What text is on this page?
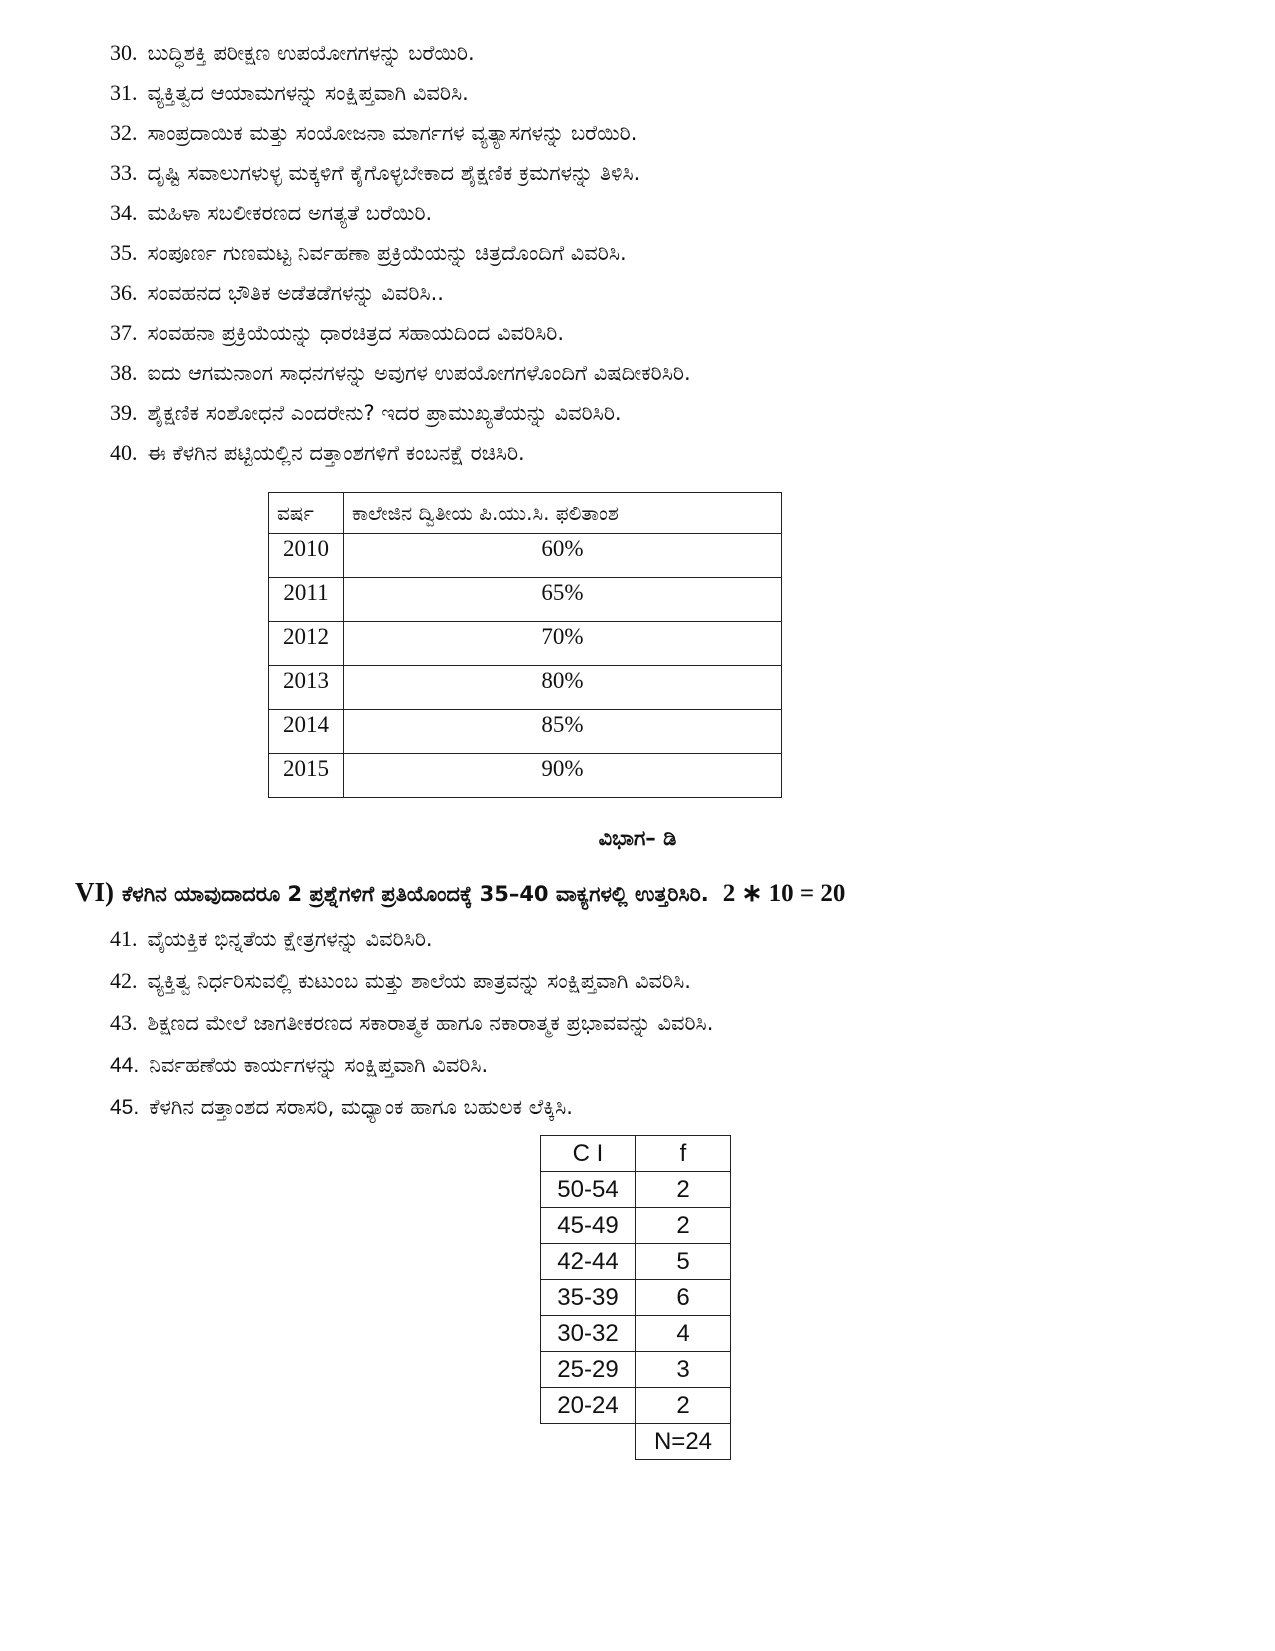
30. ಬುದ್ಧಿಶಕ್ತಿ ಪರೀಕ್ಷಣ ಉಪಯೋಗಗಳನ್ನು ಬರೆಯಿರಿ.
31. ವ್ಯಕ್ತಿತ್ವದ ಆಯಾಮಗಳನ್ನು ಸಂಕ್ಷಿಪ್ತವಾಗಿ ವಿವರಿಸಿ.
32. ಸಾಂಪ್ರದಾಯಿಕ ಮತ್ತು ಸಂಯೋಜನಾ ಮಾರ್ಗಗಳ ವ್ಯತ್ಯಾಸಗಳನ್ನು ಬರೆಯಿರಿ.
33. ದೃಷ್ಟಿ ಸವಾಲುಗಳುಳ್ಳ ಮಕ್ಕಳಿಗೆ ಕೈಗೊಳ್ಳಬೇಕಾದ ಶೈಕ್ಷಣಿಕ ಕ್ರಮಗಳನ್ನು ತಿಳಿಸಿ.
34. ಮಹಿಳಾ ಸಬಲೀಕರಣದ ಅಗತ್ಯತೆ ಬರೆಯಿರಿ.
35. ಸಂಪೂರ್ಣ ಗುಣಮಟ್ಟ ನಿರ್ವಹಣಾ ಪ್ರಕ್ರಿಯೆಯನ್ನು ಚಿತ್ರದೊಂದಿಗೆ ವಿವರಿಸಿ.
36. ಸಂವಹನದ ಭೌತಿಕ ಅಡೆತಡೆಗಳನ್ನು ವಿವರಿಸಿ..
37. ಸಂವಹನಾ ಪ್ರಕ್ರಿಯೆಯನ್ನು ಧಾರಚಿತ್ರದ ಸಹಾಯದಿಂದ ವಿವರಿಸಿರಿ.
38. ಐದು ಆಗಮನಾಂಗ ಸಾಧನಗಳನ್ನು ಅವುಗಳ ಉಪಯೋಗಗಳೊಂದಿಗೆ ವಿಷದೀಕರಿಸಿರಿ.
39. ಶೈಕ್ಷಣಿಕ ಸಂಶೋಧನೆ ಎಂದರೇನು? ಇದರ ಪ್ರಾಮುಖ್ಯತೆಯನ್ನು ವಿವರಿಸಿರಿ.
40. ಈ ಕೆಳಗಿನ ಪಟ್ಟಿಯಲ್ಲಿನ ದತ್ತಾಂಶಗಳಿಗೆ ಕಂಬನಕ್ಷೆ ರಚಿಸಿರಿ.
ವರ್ಷ	ಕಾಲೇಜಿನ ದ್ವಿತೀಯ ಪಿ.ಯು.ಸಿ. ಫಲಿತಾಂಶ
2010	60%
2011	65%
2012	70%
2013	80%
2014	85%
2015	90%
ವಿಭಾಗ– ಡಿ
VI) ಕೆಳಗಿನ ಯಾವುದಾದರೂ 2 ಪ್ರಶ್ನೆಗಳಿಗೆ ಪ್ರತಿಯೊಂದಕ್ಕೆ 35–40 ವಾಕ್ಯಗಳಲ್ಲಿ ಉತ್ತರಿಸಿರಿ. 2 ∗ 10 = 20
41. ವೈಯಕ್ತಿಕ ಭಿನ್ನತೆಯ ಕ್ಷೇತ್ರಗಳನ್ನು ವಿವರಿಸಿರಿ.
42. ವ್ಯಕ್ತಿತ್ವ ನಿರ್ಧರಿಸುವಲ್ಲಿ ಕುಟುಂಬ ಮತ್ತು ಶಾಲೆಯ ಪಾತ್ರವನ್ನು ಸಂಕ್ಷಿಪ್ತವಾಗಿ ವಿವರಿಸಿ.
43. ಶಿಕ್ಷಣದ ಮೇಲೆ ಜಾಗತೀಕರಣದ ಸಕಾರಾತ್ಮಕ ಹಾಗೂ ನಕಾರಾತ್ಮಕ ಪ್ರಭಾವವನ್ನು ವಿವರಿಸಿ.
44. ನಿರ್ವಹಣೆಯ ಕಾರ್ಯಗಳನ್ನು ಸಂಕ್ಷಿಪ್ತವಾಗಿ ವಿವರಿಸಿ.
45. ಕೆಳಗಿನ ದತ್ತಾಂಶದ ಸರಾಸರಿ, ಮಧ್ಯಾಂಕ ಹಾಗೂ ಬಹುಲಕ ಲೆಕ್ಕಿಸಿ.
C I	f
50-54	2
45-49	2
42-44	5
35-39	6
30-32	4
25-29	3
20-24	2
	N=24
